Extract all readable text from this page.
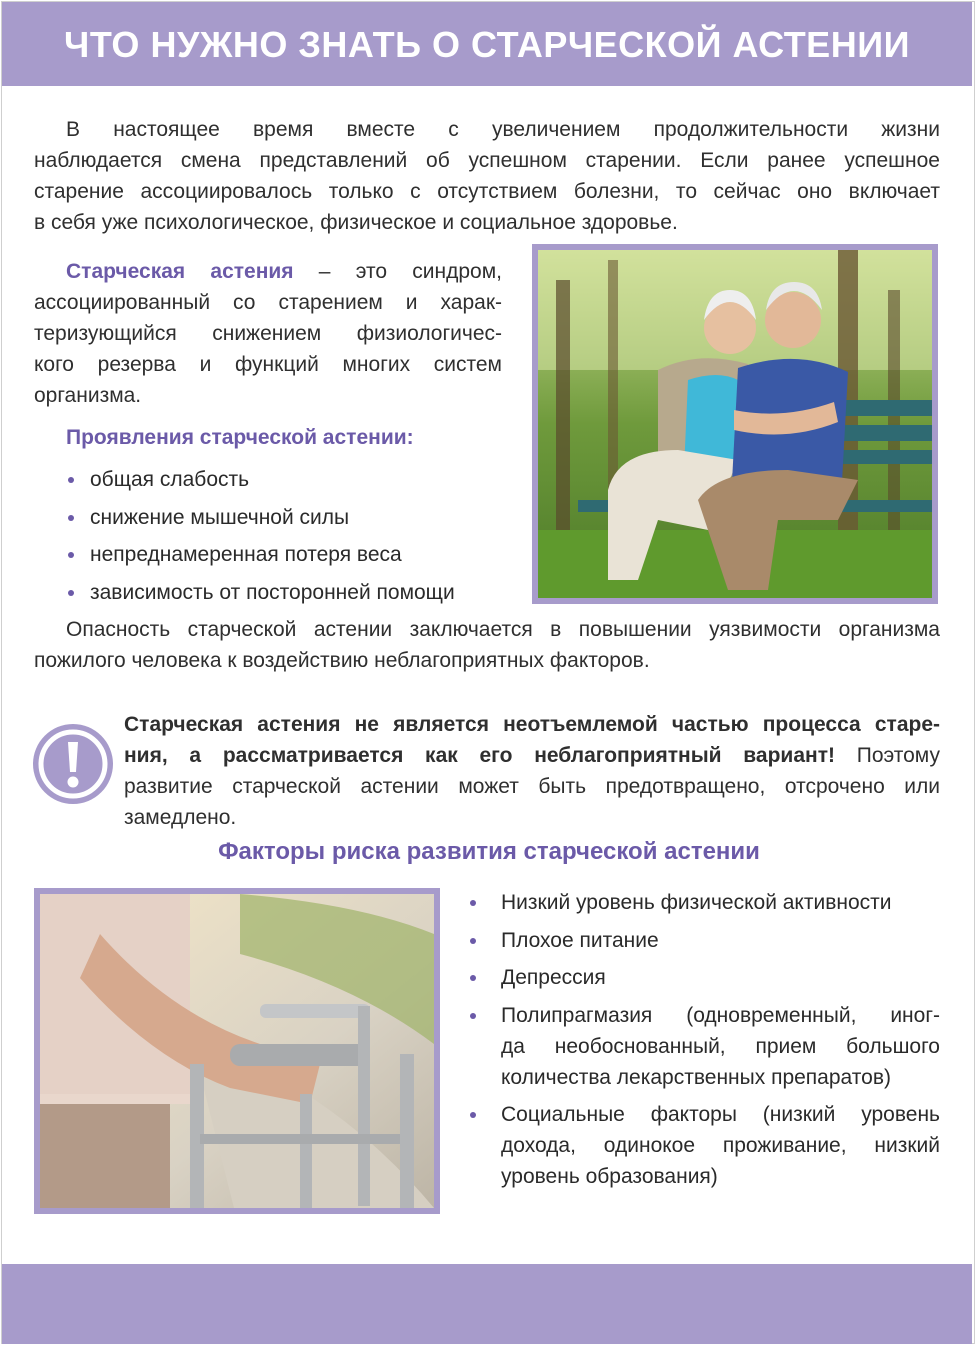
ЧТО НУЖНО ЗНАТЬ О СТАРЧЕСКОЙ АСТЕНИИ
В настоящее время вместе с увеличением продолжительности жизни
наблюдается смена представлений об успешном старении. Если ранее успешное
старение ассоциировалось только с отсутствием болезни, то сейчас оно включает
в себя уже психологическое, физическое и социальное здоровье.
Старческая астения – это синдром,
ассоциированный со старением и харак-
теризующийся снижением физиологичес-
кого резерва и функций многих систем
организма.
Проявления старческой астении:
общая слабость
снижение мышечной силы
непреднамеренная потеря веса
зависимость от посторонней помощи
Опасность старческой астении заключается в повышении уязвимости организма
пожилого человека к воздействию неблагоприятных факторов.
Старческая астения не является неотъемлемой частью процесса старе-
ния, а рассматривается как его неблагоприятный вариант! Поэтому
развитие старческой астении может быть предотвращено, отсрочено или
замедлено.
Факторы риска развития старческой астении
Низкий уровень физической активности
Плохое питание
Депрессия
Полипрагмазия (одновременный, иног-
да необоснованный, прием большого
количества лекарственных препаратов)
Социальные факторы (низкий уровень
дохода, одинокое проживание, низкий
уровень образования)
